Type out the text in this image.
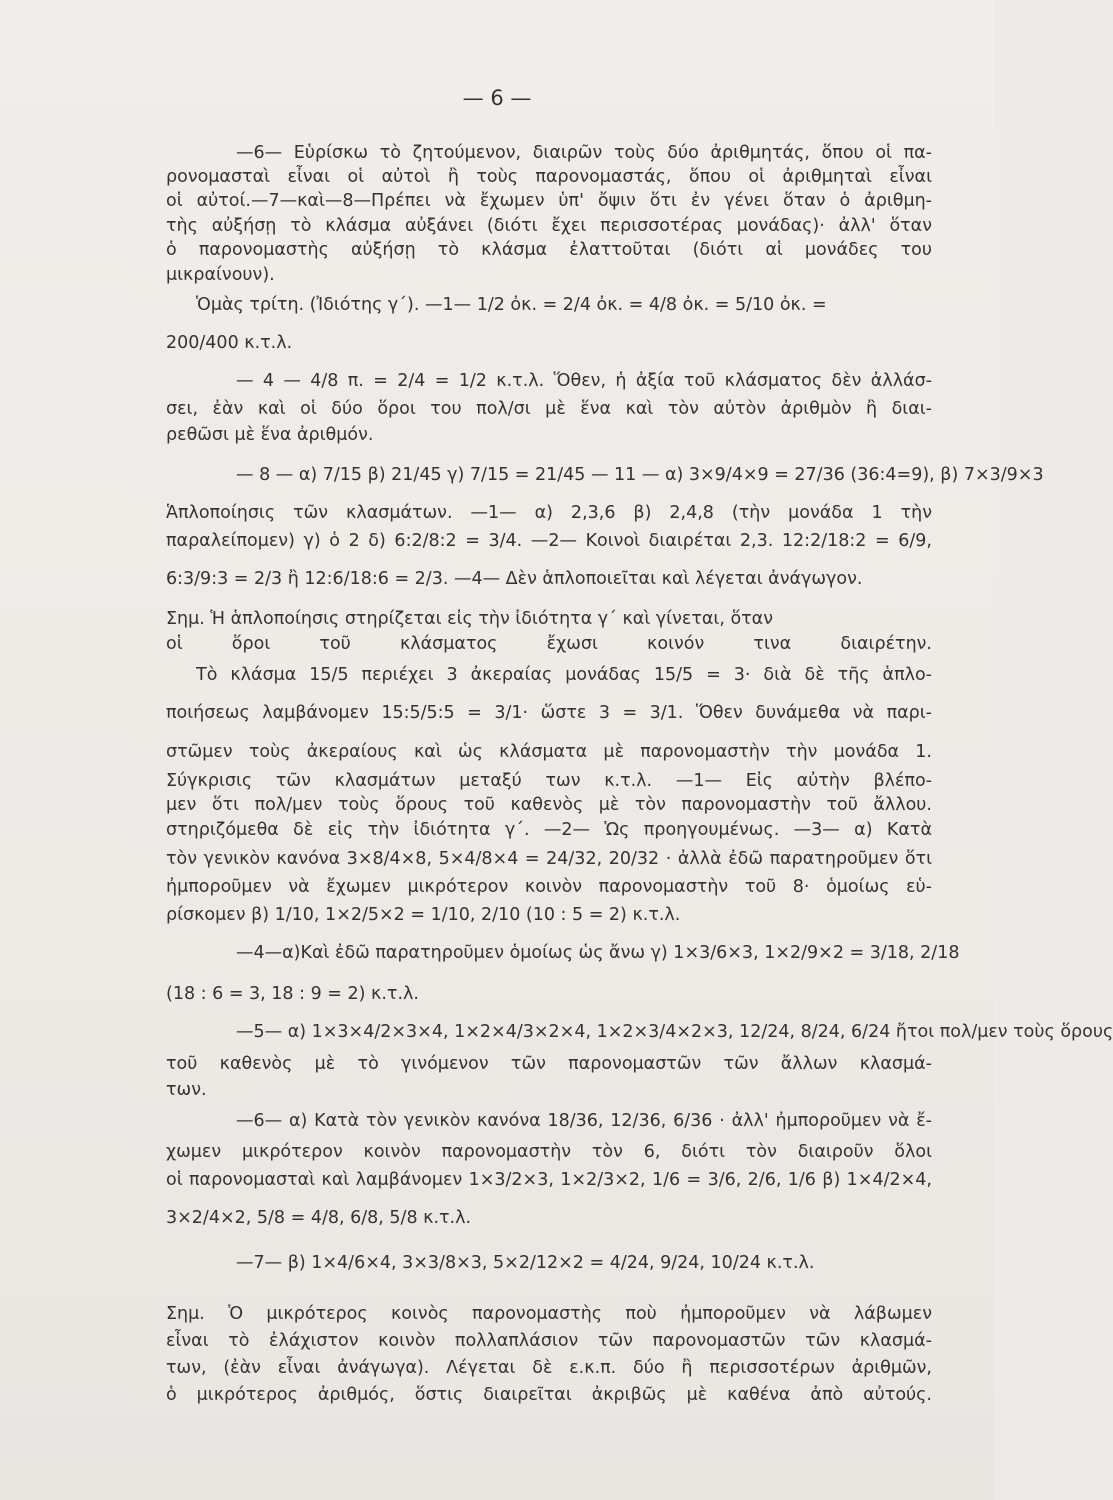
— 6 —
—6— Εὑρίσκω τὸ ζητούμενον, διαιρῶν τοὺς δύο ἀριθμητάς, ὅπου οἱ πα-
ρονομασταὶ εἶναι οἱ αὐτοὶ ἢ τοὺς παρονομαστάς, ὅπου οἱ ἀριθμηταὶ εἶναι
οἱ αὐτοί.—7—καὶ—8—Πρέπει νὰ ἔχωμεν ὑπ' ὄψιν ὅτι ἐν γένει ὅταν ὁ ἀριθμη-
τὴς αὐξήσῃ τὸ κλάσμα αὐξάνει (διότι ἔχει περισσοτέρας μονάδας)· ἀλλ' ὅταν
ὁ παρονομαστὴς αὐξήσῃ τὸ κλάσμα ἐλαττοῦται (διότι αἱ μονάδες του
μικραίνουν).
Ὁμὰς τρίτη. (Ἰδιότης γ΄). —1— 1/2 ὀκ. = 2/4 ὀκ. = 4/8 ὀκ. = 5/10 ὀκ. =
200/400 κ.τ.λ.
— 4 — 4/8 π. = 2/4 = 1/2 κ.τ.λ. Ὅθεν, ἡ ἀξία τοῦ κλάσματος δὲν ἀλλάσ-
σει, ἐὰν καὶ οἱ δύο ὅροι του πολ/σι μὲ ἕνα καὶ τὸν αὐτὸν ἀριθμὸν ἢ διαι-
ρεθῶσι μὲ ἕνα ἀριθμόν.
— 8 — α) 7/15 β) 21/45 γ) 7/15 = 21/45 — 11 — α) 3×9/4×9 = 27/36 (36:4=9), β) 7×3/9×3
Ἁπλοποίησις τῶν κλασμάτων. —1— α) 2,3,6 β) 2,4,8 (τὴν μονάδα 1 τὴν
παραλείπομεν) γ) ὁ 2 δ) 6:2/8:2 = 3/4. —2— Κοινοὶ διαιρέται 2,3. 12:2/18:2 = 6/9,
6:3/9:3 = 2/3 ἢ 12:6/18:6 = 2/3. —4— Δὲν ἁπλοποιεῖται καὶ λέγεται ἀνάγωγον.
Σημ. Ἡ ἁπλοποίησις στηρίζεται εἰς τὴν ἰδιότητα γ΄ καὶ γίνεται, ὅταν
οἱ ὅροι τοῦ κλάσματος ἔχωσι κοινόν τινα διαιρέτην.
Τὸ κλάσμα 15/5 περιέχει 3 ἀκεραίας μονάδας 15/5 = 3· διὰ δὲ τῆς ἁπλο-
ποιήσεως λαμβάνομεν 15:5/5:5 = 3/1· ὥστε 3 = 3/1. Ὅθεν δυνάμεθα νὰ παρι-
στῶμεν τοὺς ἀκεραίους καὶ ὡς κλάσματα μὲ παρονομαστὴν τὴν μονάδα 1.
Σύγκρισις τῶν κλασμάτων μεταξύ των κ.τ.λ. —1— Εἰς αὐτὴν βλέπο-
μεν ὅτι πολ/μεν τοὺς ὅρους τοῦ καθενὸς μὲ τὸν παρονομαστὴν τοῦ ἄλλου.
στηριζόμεθα δὲ εἰς τὴν ἰδιότητα γ΄. —2— Ὡς προηγουμένως. —3— α) Κατὰ
τὸν γενικὸν κανόνα 3×8/4×8, 5×4/8×4 = 24/32, 20/32 · ἀλλὰ ἐδῶ παρατηροῦμεν ὅτι
ἠμποροῦμεν νὰ ἔχωμεν μικρότερον κοινὸν παρονομαστὴν τοῦ 8· ὁμοίως εὑ-
ρίσκομεν β) 1/10, 1×2/5×2 = 1/10, 2/10 (10 : 5 = 2) κ.τ.λ.
—4—α)Καὶ ἐδῶ παρατηροῦμεν ὁμοίως ὡς ἄνω γ) 1×3/6×3, 1×2/9×2 = 3/18, 2/18
(18 : 6 = 3, 18 : 9 = 2) κ.τ.λ.
—5— α) 1×3×4/2×3×4, 1×2×4/3×2×4, 1×2×3/4×2×3, 12/24, 8/24, 6/24 ἤτοι πολ/μεν τοὺς ὅρους
τοῦ καθενὸς μὲ τὸ γινόμενον τῶν παρονομαστῶν τῶν ἄλλων κλασμά-
των.
—6— α) Κατὰ τὸν γενικὸν κανόνα 18/36, 12/36, 6/36 · ἀλλ' ἠμποροῦμεν νὰ ἔ-
χωμεν μικρότερον κοινὸν παρονομαστὴν τὸν 6, διότι τὸν διαιροῦν ὅλοι
οἱ παρονομασταὶ καὶ λαμβάνομεν 1×3/2×3, 1×2/3×2, 1/6 = 3/6, 2/6, 1/6 β) 1×4/2×4,
3×2/4×2, 5/8 = 4/8, 6/8, 5/8 κ.τ.λ.
—7— β) 1×4/6×4, 3×3/8×3, 5×2/12×2 = 4/24, 9/24, 10/24 κ.τ.λ.
Σημ. Ὁ μικρότερος κοινὸς παρονομαστὴς ποὺ ἠμποροῦμεν νὰ λάβωμεν
εἶναι τὸ ἐλάχιστον κοινὸν πολλαπλάσιον τῶν παρονομαστῶν τῶν κλασμά-
των, (ἐὰν εἶναι ἀνάγωγα). Λέγεται δὲ ε.κ.π. δύο ἢ περισσοτέρων ἀριθμῶν,
ὁ μικρότερος ἀριθμός, ὅστις διαιρεῖται ἀκριβῶς μὲ καθένα ἀπὸ αὐτούς.
